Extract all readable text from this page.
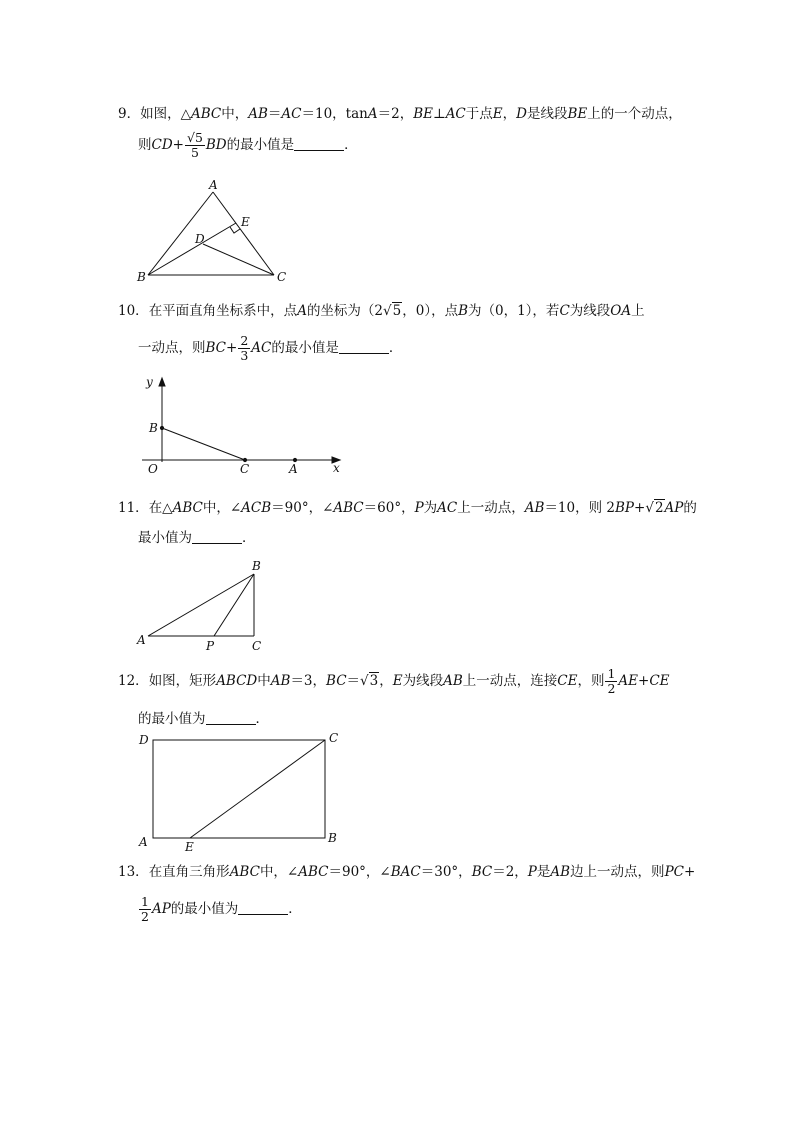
9．如图，△ABC中，AB＝AC＝10，tanA＝2，BE⊥AC于点E，D是线段BE上的一个动点，
则$CD+ \frac{√5}{5}$ BD的最小值是	．
A
B	C
D
E
10．在平面直角坐标系中，点A的坐标为（2√5，0），点B为（0，1），若C为线段OA上
一动点，则$BC+ \frac{2}{3}$ AC的最小值是	．
y
x
B
O	C	A
11．在△ABC中，∠ACB＝90°，∠ABC＝60°，P为AC上一动点，AB＝10，则 2BP+√2AP的
最小值为	．
A
B
C
P
12．如图，矩形ABCD中AB＝3，BC＝√3，E为线段AB上一动点，连接CE，则 $\frac{1}{2} AE+CE$
的最小值为	．
D	C
A	B
E
13．在直角三角形ABC中，∠ABC＝90°，∠BAC＝30°，BC＝2，P是AB边上一动点，则PC+
$\frac{1}{2}$ AP的最小值为	．
